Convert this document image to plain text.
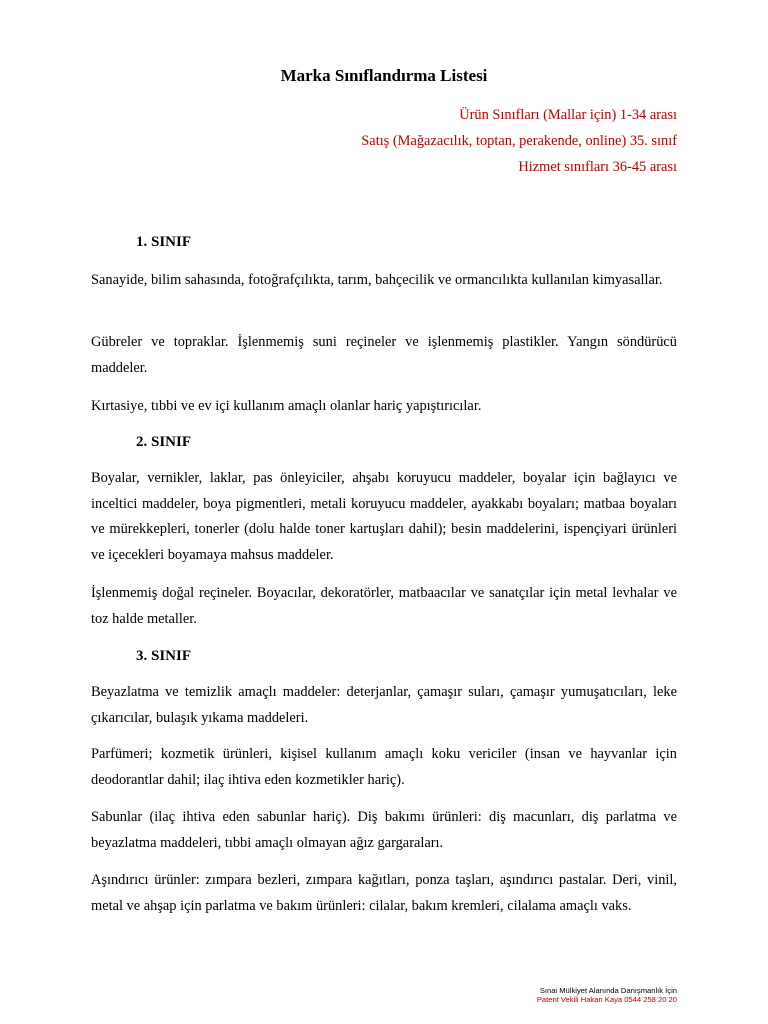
Marka Sınıflandırma Listesi
Ürün Sınıfları (Mallar için) 1-34 arası
Satış (Mağazacılık, toptan, perakende, online) 35. sınıf
Hizmet sınıfları 36-45 arası
1. SINIF
Sanayide, bilim sahasında, fotoğrafçılıkta, tarım, bahçecilik ve ormancılıkta kullanılan kimyasallar.
Gübreler ve topraklar. İşlenmemiş suni reçineler ve işlenmemiş plastikler. Yangın söndürücü maddeler.
Kırtasiye, tıbbi ve ev içi kullanım amaçlı olanlar hariç yapıştırıcılar.
2. SINIF
Boyalar, vernikler, laklar, pas önleyiciler, ahşabı koruyucu maddeler, boyalar için bağlayıcı ve inceltici maddeler, boya pigmentleri, metali koruyucu maddeler, ayakkabı boyaları; matbaa boyaları ve mürekkepleri, tonerler (dolu halde toner kartuşları dahil); besin maddelerini, ispençiyari ürünleri ve içecekleri boyamaya mahsus maddeler.
İşlenmemiş doğal reçineler. Boyacılar, dekoratörler, matbaacılar ve sanatçılar için metal levhalar ve toz halde metaller.
3. SINIF
Beyazlatma ve temizlik amaçlı maddeler: deterjanlar, çamaşır suları, çamaşır yumuşatıcıları, leke çıkarıcılar, bulaşık yıkama maddeleri.
Parfümeri; kozmetik ürünleri, kişisel kullanım amaçlı koku vericiler (insan ve hayvanlar için deodorantlar dahil; ilaç ihtiva eden kozmetikler hariç).
Sabunlar (ilaç ihtiva eden sabunlar hariç). Diş bakımı ürünleri: diş macunları, diş parlatma ve beyazlatma maddeleri, tıbbi amaçlı olmayan ağız gargaraları.
Aşındırıcı ürünler: zımpara bezleri, zımpara kağıtları, ponza taşları, aşındırıcı pastalar. Deri, vinil, metal ve ahşap için parlatma ve bakım ürünleri: cilalar, bakım kremleri, cilalama amaçlı vaks.
Sınai Mülkiyet Alanında Danışmanlık İçin
Patent Vekili Hakan Kaya 0544 258 20 20
